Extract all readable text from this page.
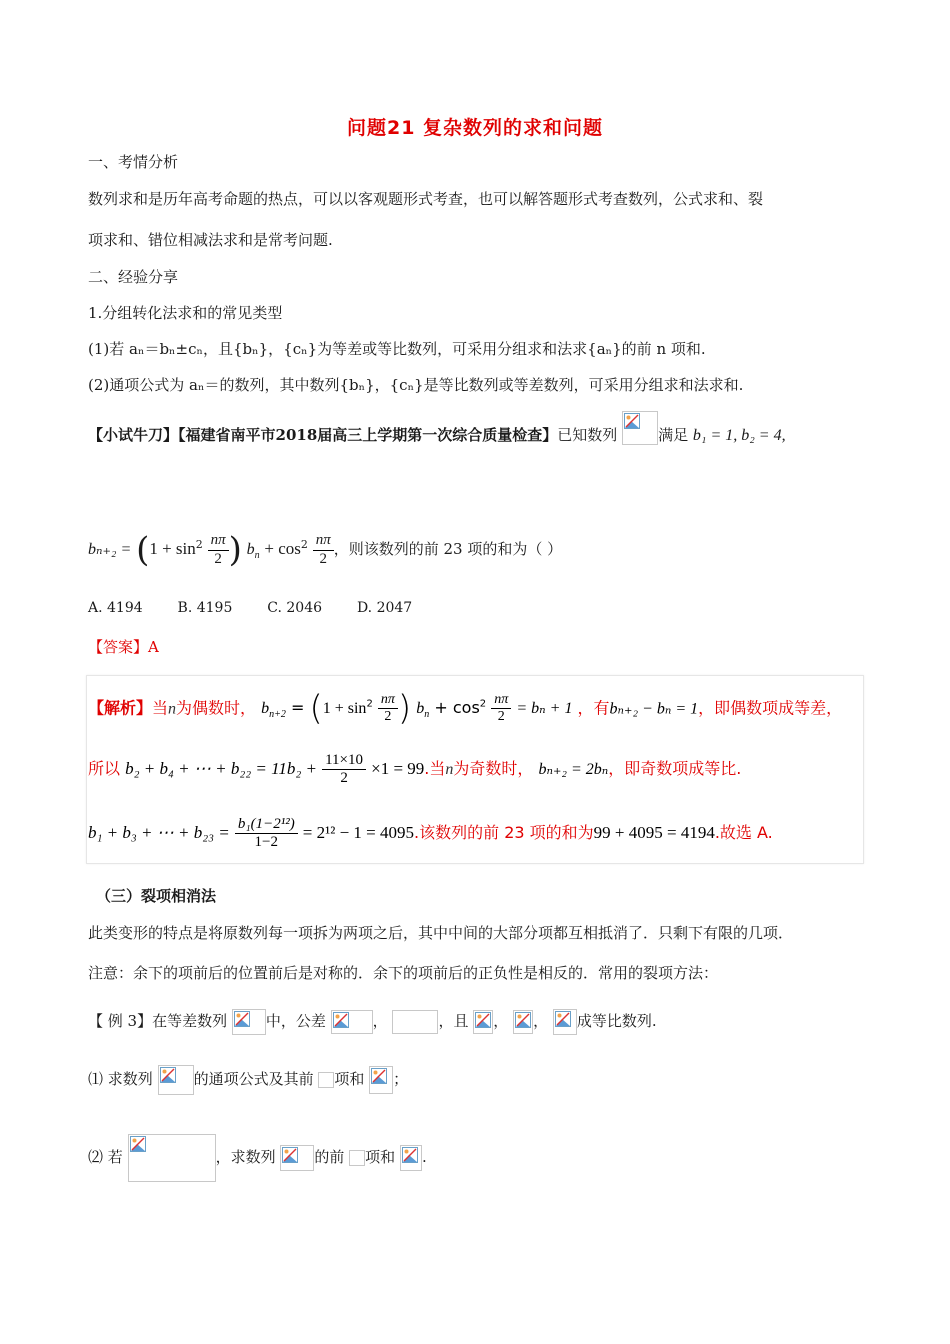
问题21 复杂数列的求和问题
一、考情分析
数列求和是历年高考命题的热点，可以以客观题形式考查，也可以解答题形式考查数列，公式求和、裂
项求和、错位相减法求和是常考问题.
二、经验分享
1.分组转化法求和的常见类型
(1)若 aₙ＝bₙ±cₙ，且{bₙ}，{cₙ}为等差或等比数列，可采用分组求和法求{aₙ}的前 n 项和.
(2)通项公式为 aₙ＝的数列，其中数列{bₙ}，{cₙ}是等比数列或等差数列，可采用分组求和法求和.
【小试牛刀】【福建省南平市2018届高三上学期第一次综合质量检查】已知数列	满足 b₁ = 1, b₂ = 4,
$b_{n+2} = (1 + \sin^2 \frac{n\pi}{2}$ ) $b_n + \cos^2 \frac{n\pi}{2}$ ，则该数列的前 23 项的和为（ ）
A. 4194 B. 4195 C. 2046 D. 2047
【答案】A
【解析】当n为偶数时， $b_{n+2} = (1 + \sin^2 \frac{n\pi}{2}$ ) $b_n + \cos^2 \frac{n\pi}{2} = b_n + 1$ ，有bₙ₊₂ − bₙ = 1，即偶数项成等差，
所以 b₂ + b₄ + ⋯ + $b_{22} = 11b_2 + \frac{11\times 10}{2} \times 1 = 99$.当n为奇数时， bₙ₊₂ = 2bₙ，即奇数项成等比.
b₁ + b₃ + ⋯ + $b_{23} = \frac{\text{b₁(1−2¹²)}}{1-2} = 2^{12} - 1 = 4095$.该数列的前 23 项的和为99 + 4095 = 4194.故选 A.
（三）裂项相消法
此类变形的特点是将原数列每一项拆为两项之后，其中中间的大部分项都互相抵消了．只剩下有限的几项．
注意：余下的项前后的位置前后是对称的．余下的项前后的正负性是相反的．常用的裂项方法：
【 例 3】在等差数列	中，公差	，	，且 ， ， 成等比数列.
⑴ 求数列	的通项公式及其前 项和 ；
⑵ 若	，求数列	的前 项和 .
